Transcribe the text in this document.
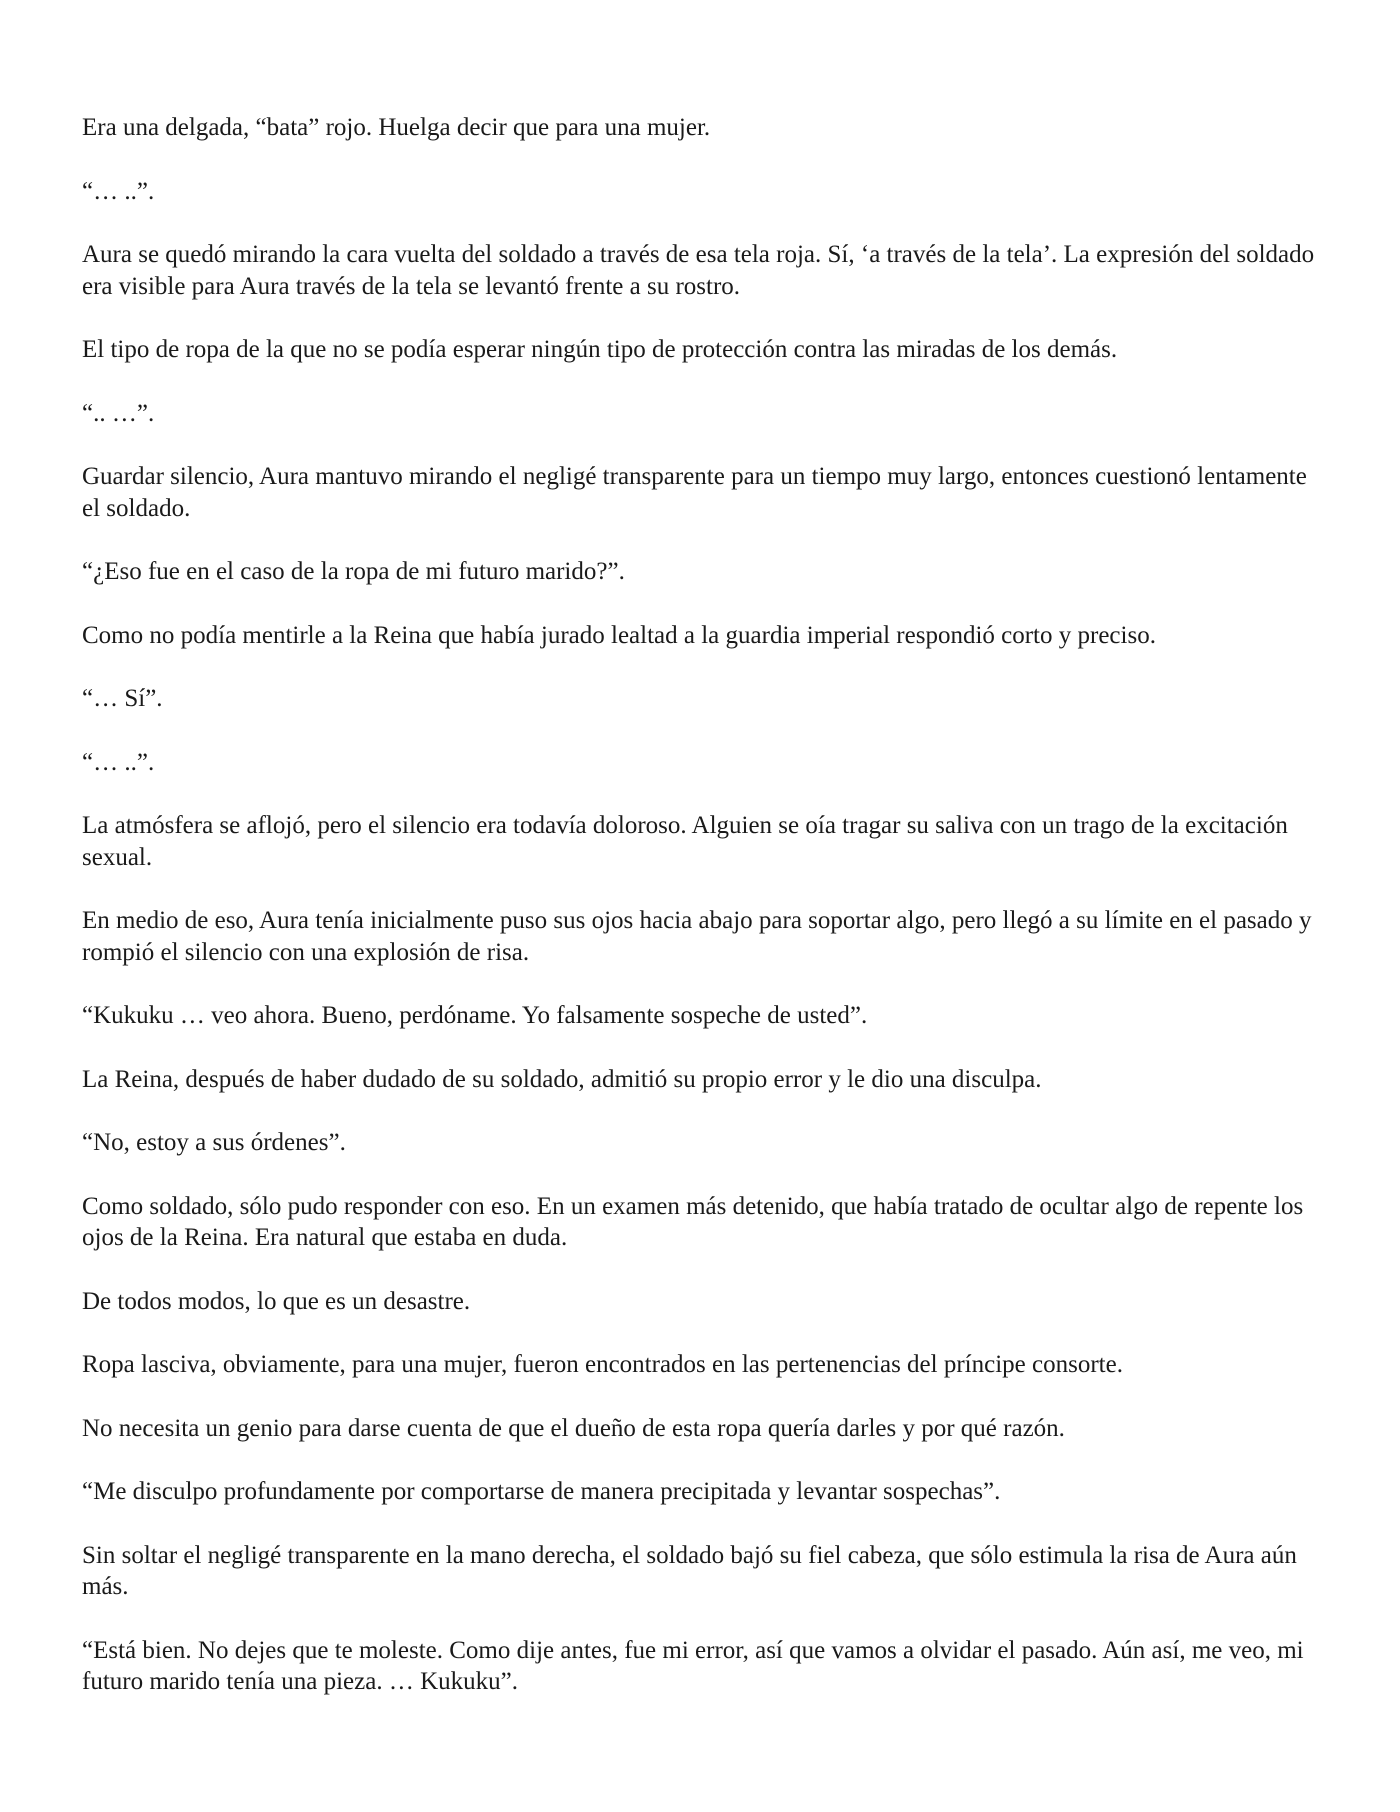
Era una delgada, “bata” rojo. Huelga decir que para una mujer.

“… ..”.

Aura se quedó mirando la cara vuelta del soldado a través de esa tela roja. Sí, ‘a través de la tela’. La expresión del soldado era visible para Aura través de la tela se levantó frente a su rostro.

El tipo de ropa de la que no se podía esperar ningún tipo de protección contra las miradas de los demás.

“.. …”.

Guardar silencio, Aura mantuvo mirando el negligé transparente para un tiempo muy largo, entonces cuestionó lentamente el soldado.

“¿Eso fue en el caso de la ropa de mi futuro marido?”.

Como no podía mentirle a la Reina que había jurado lealtad a la guardia imperial respondió corto y preciso.

“… Sí”.

“… ..”.

La atmósfera se aflojó, pero el silencio era todavía doloroso. Alguien se oía tragar su saliva con un trago de la excitación sexual.

En medio de eso, Aura tenía inicialmente puso sus ojos hacia abajo para soportar algo, pero llegó a su límite en el pasado y rompió el silencio con una explosión de risa.

“Kukuku … veo ahora. Bueno, perdóname. Yo falsamente sospeche de usted”.

La Reina, después de haber dudado de su soldado, admitió su propio error y le dio una disculpa.

“No, estoy a sus órdenes”.

Como soldado, sólo pudo responder con eso. En un examen más detenido, que había tratado de ocultar algo de repente los ojos de la Reina. Era natural que estaba en duda.

De todos modos, lo que es un desastre.

Ropa lasciva, obviamente, para una mujer, fueron encontrados en las pertenencias del príncipe consorte.

No necesita un genio para darse cuenta de que el dueño de esta ropa quería darles y por qué razón.

“Me disculpo profundamente por comportarse de manera precipitada y levantar sospechas”.

Sin soltar el negligé transparente en la mano derecha, el soldado bajó su fiel cabeza, que sólo estimula la risa de Aura aún más.

“Está bien. No dejes que te moleste. Como dije antes, fue mi error, así que vamos a olvidar el pasado. Aún así, me veo, mi futuro marido tenía una pieza. … Kukuku”.
